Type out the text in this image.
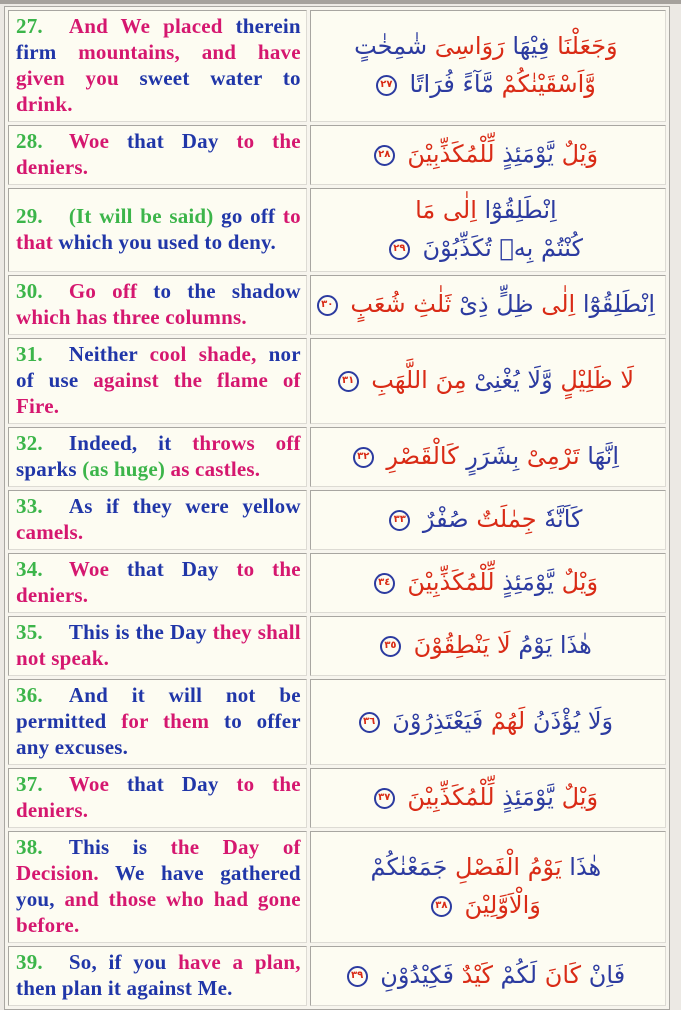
27. And We placed therein firm mountains, and have given you sweet water to drink.	وَجَعَلْنَا فِيْهَا رَوَاسِىَ شٰمِخٰتٍ
وَّاَسْقَيْنٰكُمْ مَّآءً فُرَاتًا ٢٧

28. Woe that Day to the deniers.	وَيْلٌ يَّوْمَئِذٍ لِّلْمُكَذِّبِيْنَ ٢٨

29. (It will be said) go off to that which you used to deny.	اِنْطَلِقُوْٓا اِلٰى مَا
كُنْتُمْ بِهٖ تُكَذِّبُوْنَ ٢٩

30. Go off to the shadow which has three columns.	اِنْطَلِقُوْٓا اِلٰى ظِلٍّ ذِىْ ثَلٰثِ شُعَبٍ ٣٠

31. Neither cool shade, nor of use against the flame of Fire.	لَا ظَلِيْلٍ وَّلَا يُغْنِىْ مِنَ اللَّهَبِ ٣١

32. Indeed, it throws off sparks (as huge) as castles.	اِنَّهَا تَرْمِىْ بِشَرَرٍ كَالْقَصْرِ ٣٢

33. As if they were yellow camels.	كَاَنَّهٗ جِمٰلَتٌ صُفْرٌ ٣٣

34. Woe that Day to the deniers.	وَيْلٌ يَّوْمَئِذٍ لِّلْمُكَذِّبِيْنَ ٣٤

35. This is the Day they shall not speak.	هٰذَا يَوْمُ لَا يَنْطِقُوْنَ ٣٥

36. And it will not be permitted for them to offer any excuses.	وَلَا يُؤْذَنُ لَهُمْ فَيَعْتَذِرُوْنَ ٣٦

37. Woe that Day to the deniers.	وَيْلٌ يَّوْمَئِذٍ لِّلْمُكَذِّبِيْنَ ٣٧

38. This is the Day of Decision. We have gathered you, and those who had gone before.	هٰذَا يَوْمُ الْفَصْلِ جَمَعْنٰكُمْ
وَالْاَوَّلِيْنَ ٣٨

39. So, if you have a plan, then plan it against Me.	فَاِنْ كَانَ لَكُمْ كَيْدٌ فَكِيْدُوْنِ ٣٩
